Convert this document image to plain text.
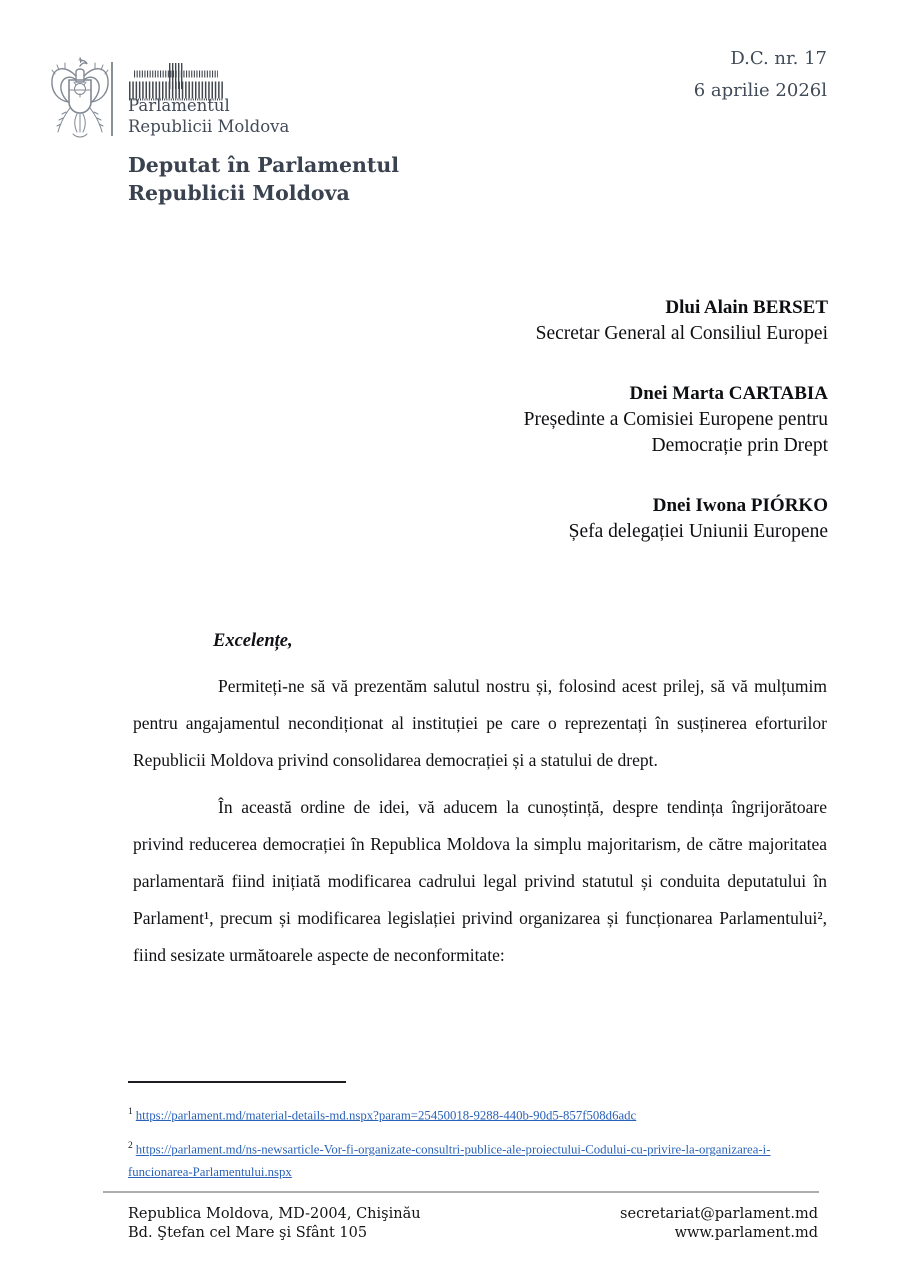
Parlamentul
Republicii Moldova
D.C. nr. 17
6 aprilie 2026l
Deputat în Parlamentul
Republicii Moldova
Dlui Alain BERSET
Secretar General al Consiliul Europei
Dnei Marta CARTABIA
Președinte a Comisiei Europene pentru Democrație prin Drept
Dnei Iwona PIÓRKO
Șefa delegației Uniunii Europene
Excelențe,

Permiteți-ne să vă prezentăm salutul nostru și, folosind acest prilej, să vă mulțumim pentru angajamentul necondiționat al instituției pe care o reprezentați în susținerea eforturilor Republicii Moldova privind consolidarea democrației și a statului de drept.

În această ordine de idei, vă aducem la cunoștință, despre tendința îngrijorătoare privind reducerea democrației în Republica Moldova la simplu majoritarism, de către majoritatea parlamentară fiind inițiată modificarea cadrului legal privind statutul și conduita deputatului în Parlament¹, precum și modificarea legislației privind organizarea și funcționarea Parlamentului², fiind sesizate următoarele aspecte de neconformitate:

$^1$ https://parlament.md/material-details-md.nspx?param=25450018-9288-440b-90d5-857f508d6adc
$^2$ https://parlament.md/ns-newsarticle-Vor-fi-organizate-consultri-publice-ale-proiectului-Codului-cu-privire-la-organizarea-i-funcionarea-Parlamentului.nspx
Republica Moldova, MD-2004, Chişinău
Bd. Ştefan cel Mare şi Sfânt 105
secretariat@parlament.md
www.parlament.md
